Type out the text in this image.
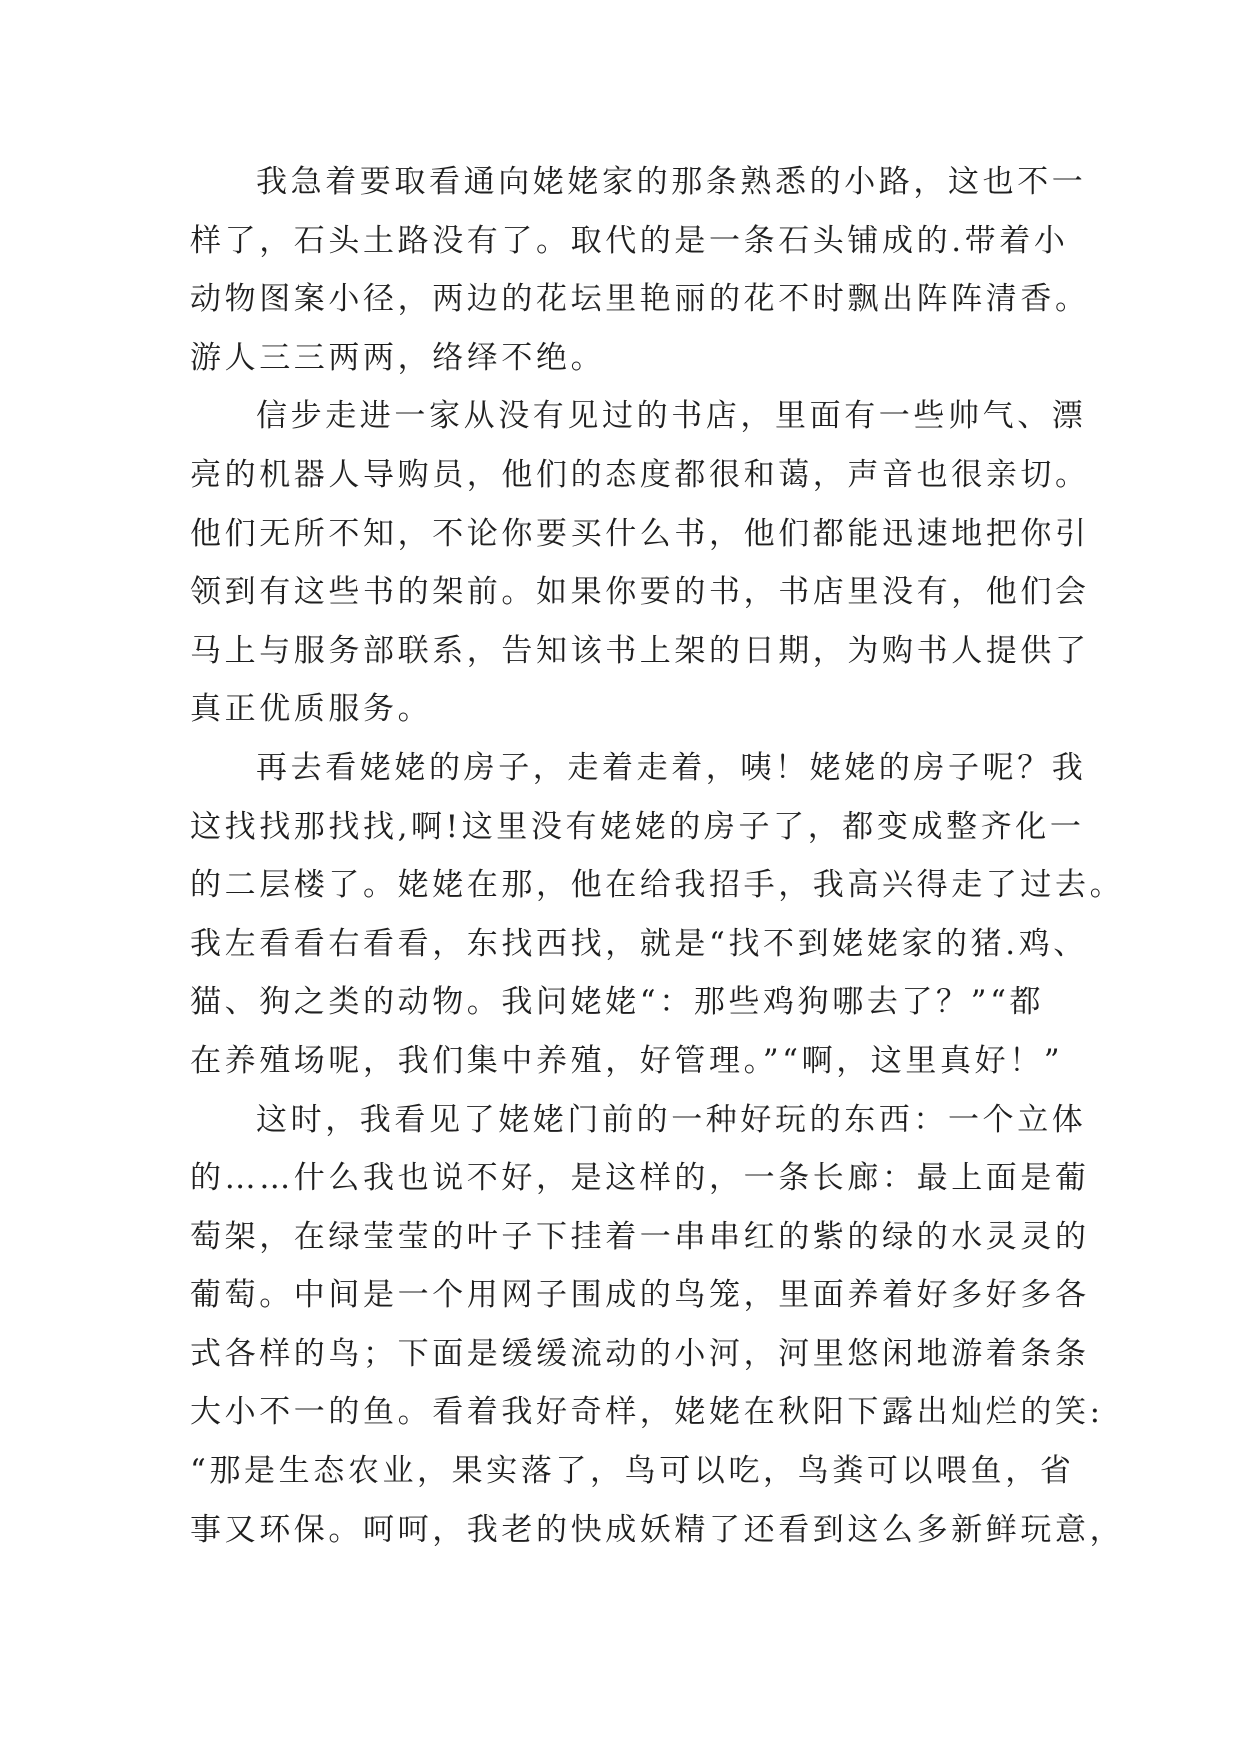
我急着要取看通向姥姥家的那条熟悉的小路，这也不一
样了，石头土路没有了。取代的是一条石头铺成的.带着小
动物图案小径，两边的花坛里艳丽的花不时飘出阵阵清香。
游人三三两两，络绎不绝。
信步走进一家从没有见过的书店，里面有一些帅气、漂
亮的机器人导购员，他们的态度都很和蔼，声音也很亲切。
他们无所不知，不论你要买什么书，他们都能迅速地把你引
领到有这些书的架前。如果你要的书，书店里没有，他们会
马上与服务部联系，告知该书上架的日期，为购书人提供了
真正优质服务。
再去看姥姥的房子，走着走着，咦！姥姥的房子呢？我
这找找那找找,啊!这里没有姥姥的房子了，都变成整齐化一
的二层楼了。姥姥在那，他在给我招手，我高兴得走了过去。
我左看看右看看，东找西找，就是“找不到姥姥家的猪.鸡、
猫、狗之类的动物。我问姥姥“：那些鸡狗哪去了？”“都
在养殖场呢，我们集中养殖，好管理。”“啊，这里真好！”
这时，我看见了姥姥门前的一种好玩的东西：一个立体
的……什么我也说不好，是这样的，一条长廊：最上面是葡
萄架，在绿莹莹的叶子下挂着一串串红的紫的绿的水灵灵的
葡萄。中间是一个用网子围成的鸟笼，里面养着好多好多各
式各样的鸟；下面是缓缓流动的小河，河里悠闲地游着条条
大小不一的鱼。看着我好奇样，姥姥在秋阳下露出灿烂的笑:
“那是生态农业，果实落了，鸟可以吃，鸟粪可以喂鱼，省
事又环保。呵呵，我老的快成妖精了还看到这么多新鲜玩意，
